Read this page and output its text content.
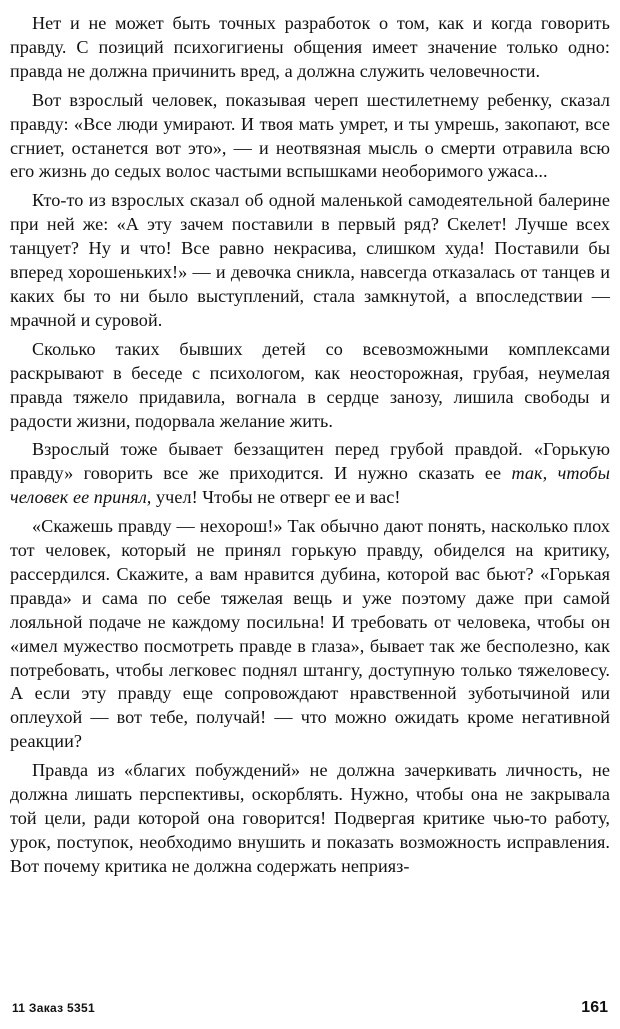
Нет и не может быть точных разработок о том, как и когда говорить правду. С позиций психогигиены общения имеет значение только одно: правда не должна причинить вред, а должна служить человечности.

Вот взрослый человек, показывая череп шестилетнему ребенку, сказал правду: «Все люди умирают. И твоя мать умрет, и ты умрешь, закопают, все сгниет, останется вот это», — и неотвязная мысль о смерти отравила всю его жизнь до седых волос частыми вспышками необоримого ужаса...

Кто-то из взрослых сказал об одной маленькой самодеятельной балерине при ней же: «А эту зачем поставили в первый ряд? Скелет! Лучше всех танцует? Ну и что! Все равно некрасива, слишком худа! Поставили бы вперед хорошеньких!» — и девочка сникла, навсегда отказалась от танцев и каких бы то ни было выступлений, стала замкнутой, а впоследствии — мрачной и суровой.

Сколько таких бывших детей со всевозможными комплексами раскрывают в беседе с психологом, как неосторожная, грубая, неумелая правда тяжело придавила, вогнала в сердце занозу, лишила свободы и радости жизни, подорвала желание жить.

Взрослый тоже бывает беззащитен перед грубой правдой. «Горькую правду» говорить все же приходится. И нужно сказать ее так, чтобы человек ее принял, учел! Чтобы не отверг ее и вас!

«Скажешь правду — нехорош!» Так обычно дают понять, насколько плох тот человек, который не принял горькую правду, обиделся на критику, рассердился. Скажите, а вам нравится дубина, которой вас бьют? «Горькая правда» и сама по себе тяжелая вещь и уже поэтому даже при самой лояльной подаче не каждому посильна! И требовать от человека, чтобы он «имел мужество посмотреть правде в глаза», бывает так же бесполезно, как потребовать, чтобы легковес поднял штангу, доступную только тяжеловесу. А если эту правду еще сопровождают нравственной зуботычиной или оплеухой — вот тебе, получай! — что можно ожидать кроме негативной реакции?

Правда из «благих побуждений» не должна зачеркивать личность, не должна лишать перспективы, оскорблять. Нужно, чтобы она не закрывала той цели, ради которой она говорится! Подвергая критике чью-то работу, урок, поступок, необходимо внушить и показать возможность исправления. Вот почему критика не должна содержать неприяз-

11 Заказ 5351	161
